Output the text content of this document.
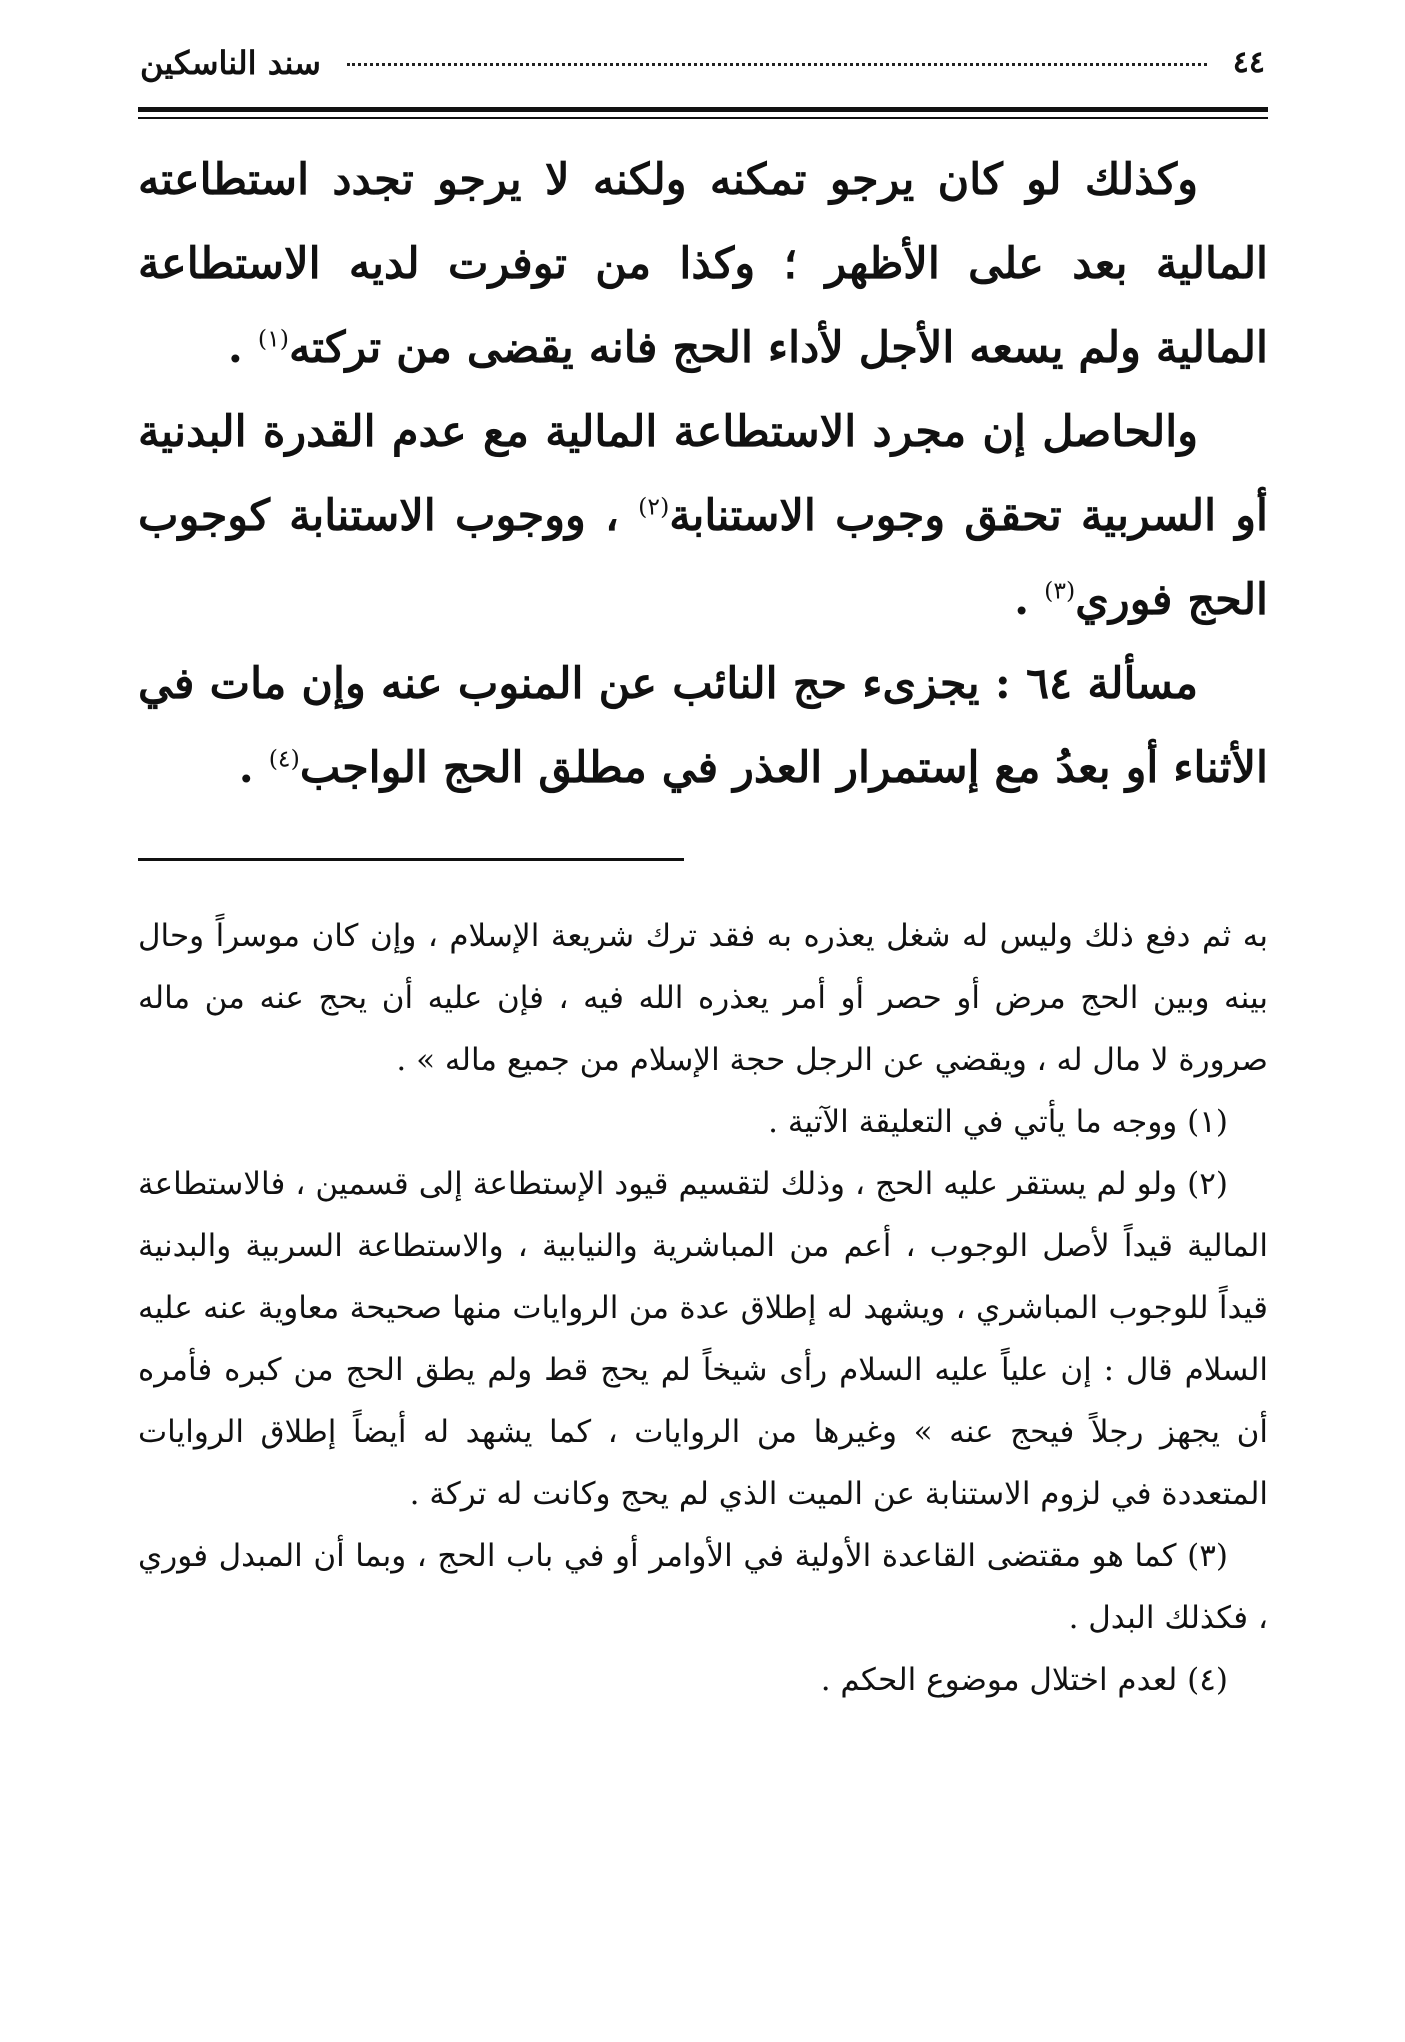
٤٤
سند الناسكين

وكذلك لو كان يرجو تمكنه ولكنه لا يرجو تجدد استطاعته المالية بعد على الأظهر ؛ وكذا من توفرت لديه الاستطاعة المالية ولم يسعه الأجل لأداء الحج فانه يقضى من تركته$^{(١)}$ .

والحاصل إن مجرد الاستطاعة المالية مع عدم القدرة البدنية أو السربية تحقق وجوب الاستنابة$^{(٢)}$ ، ووجوب الاستنابة كوجوب الحج فوري$^{(٣)}$ .

مسألة ٦٤ : يجزىء حج النائب عن المنوب عنه وإن مات في الأثناء أو بعدُ مع إستمرار العذر في مطلق الحج الواجب$^{(٤)}$ .

به ثم دفع ذلك وليس له شغل يعذره به فقد ترك شريعة الإسلام ، وإن كان موسراً وحال بينه وبين الحج مرض أو حصر أو أمر يعذره الله فيه ، فإن عليه أن يحج عنه من ماله صرورة لا مال له ، ويقضي عن الرجل حجة الإسلام من جميع ماله » .

(١) ووجه ما يأتي في التعليقة الآتية .

(٢) ولو لم يستقر عليه الحج ، وذلك لتقسيم قيود الإستطاعة إلى قسمين ، فالاستطاعة المالية قيداً لأصل الوجوب ، أعم من المباشرية والنيابية ، والاستطاعة السربية والبدنية قيداً للوجوب المباشري ، ويشهد له إطلاق عدة من الروايات منها صحيحة معاوية عنه عليه السلام قال : إن علياً عليه السلام رأى شيخاً لم يحج قط ولم يطق الحج من كبره فأمره أن يجهز رجلاً فيحج عنه » وغيرها من الروايات ، كما يشهد له أيضاً إطلاق الروايات المتعددة في لزوم الاستنابة عن الميت الذي لم يحج وكانت له تركة .

(٣) كما هو مقتضى القاعدة الأولية في الأوامر أو في باب الحج ، وبما أن المبدل فوري ، فكذلك البدل .

(٤) لعدم اختلال موضوع الحكم .
